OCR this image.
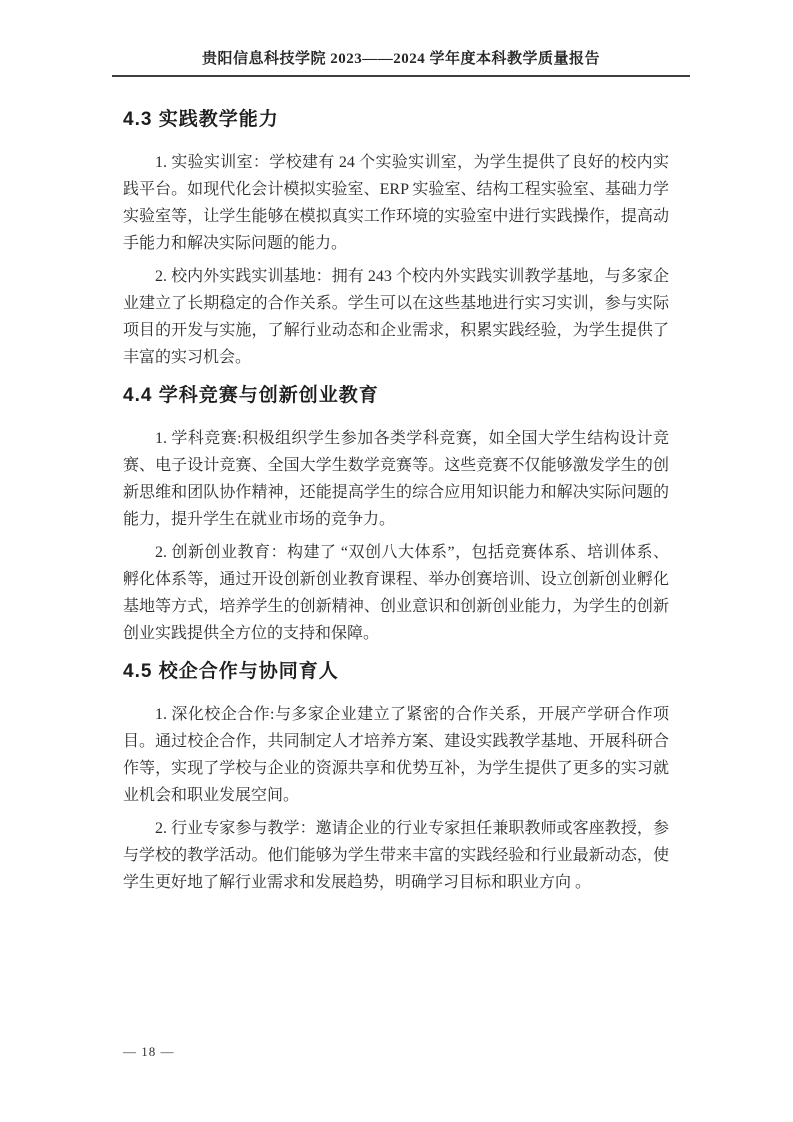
贵阳信息科技学院 2023——2024 学年度本科教学质量报告
4.3 实践教学能力

1. 实验实训室：学校建有 24 个实验实训室，为学生提供了良好的校内实践平台。如现代化会计模拟实验室、ERP 实验室、结构工程实验室、基础力学实验室等，让学生能够在模拟真实工作环境的实验室中进行实践操作，提高动手能力和解决实际问题的能力。

2. 校内外实践实训基地：拥有 243 个校内外实践实训教学基地，与多家企业建立了长期稳定的合作关系。学生可以在这些基地进行实习实训，参与实际项目的开发与实施，了解行业动态和企业需求，积累实践经验，为学生提供了丰富的实习机会。

4.4 学科竞赛与创新创业教育

1. 学科竞赛:积极组织学生参加各类学科竞赛，如全国大学生结构设计竞赛、电子设计竞赛、全国大学生数学竞赛等。这些竞赛不仅能够激发学生的创新思维和团队协作精神，还能提高学生的综合应用知识能力和解决实际问题的能力，提升学生在就业市场的竞争力。

2. 创新创业教育：构建了 “双创八大体系”，包括竞赛体系、培训体系、孵化体系等，通过开设创新创业教育课程、举办创赛培训、设立创新创业孵化基地等方式，培养学生的创新精神、创业意识和创新创业能力，为学生的创新创业实践提供全方位的支持和保障。

4.5 校企合作与协同育人

1. 深化校企合作:与多家企业建立了紧密的合作关系，开展产学研合作项目。通过校企合作，共同制定人才培养方案、建设实践教学基地、开展科研合作等，实现了学校与企业的资源共享和优势互补，为学生提供了更多的实习就业机会和职业发展空间。

2. 行业专家参与教学：邀请企业的行业专家担任兼职教师或客座教授，参与学校的教学活动。他们能够为学生带来丰富的实践经验和行业最新动态，使学生更好地了解行业需求和发展趋势，明确学习目标和职业方向 。

— 18 —
